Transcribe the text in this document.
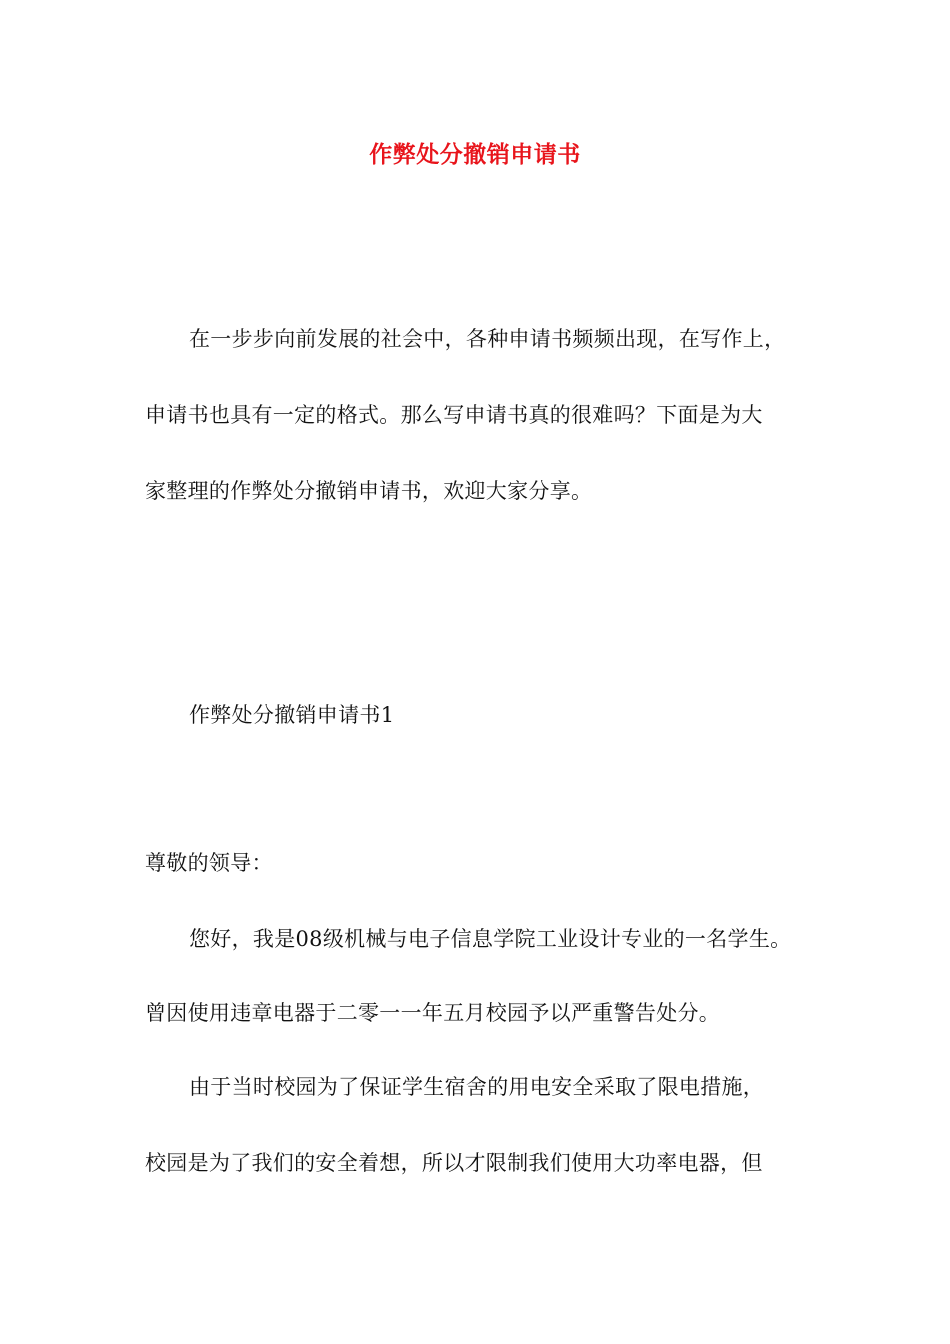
作弊处分撤销申请书
在一步步向前发展的社会中，各种申请书频频出现，在写作上，
申请书也具有一定的格式。那么写申请书真的很难吗？下面是为大
家整理的作弊处分撤销申请书，欢迎大家分享。
作弊处分撤销申请书1
尊敬的领导：
您好，我是08级机械与电子信息学院工业设计专业的一名学生。
曾因使用违章电器于二零一一年五月校园予以严重警告处分。
由于当时校园为了保证学生宿舍的用电安全采取了限电措施，
校园是为了我们的安全着想，所以才限制我们使用大功率电器，但
